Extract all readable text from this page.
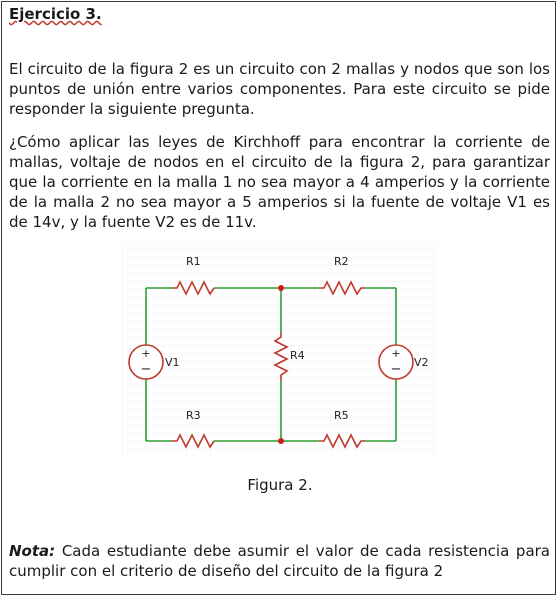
Ejercicio 3.

El circuito de la figura 2 es un circuito con 2 mallas y nodos que son los puntos de unión entre varios componentes. Para este circuito se pide responder la siguiente pregunta.

¿Cómo aplicar las leyes de Kirchhoff para encontrar la corriente de mallas, voltaje de nodos en el circuito de la figura 2, para garantizar que la corriente en la malla 1 no sea mayor a 4 amperios y la corriente de la malla 2 no sea mayor a 5 amperios si la fuente de voltaje V1 es de 14v, y la fuente V2 es de 11v.

+
−
+
−
R1	R2
R3	R5
R4
V1	V2
Figura 2.

Nota: Cada estudiante debe asumir el valor de cada resistencia para cumplir con el criterio de diseño del circuito de la figura 2
